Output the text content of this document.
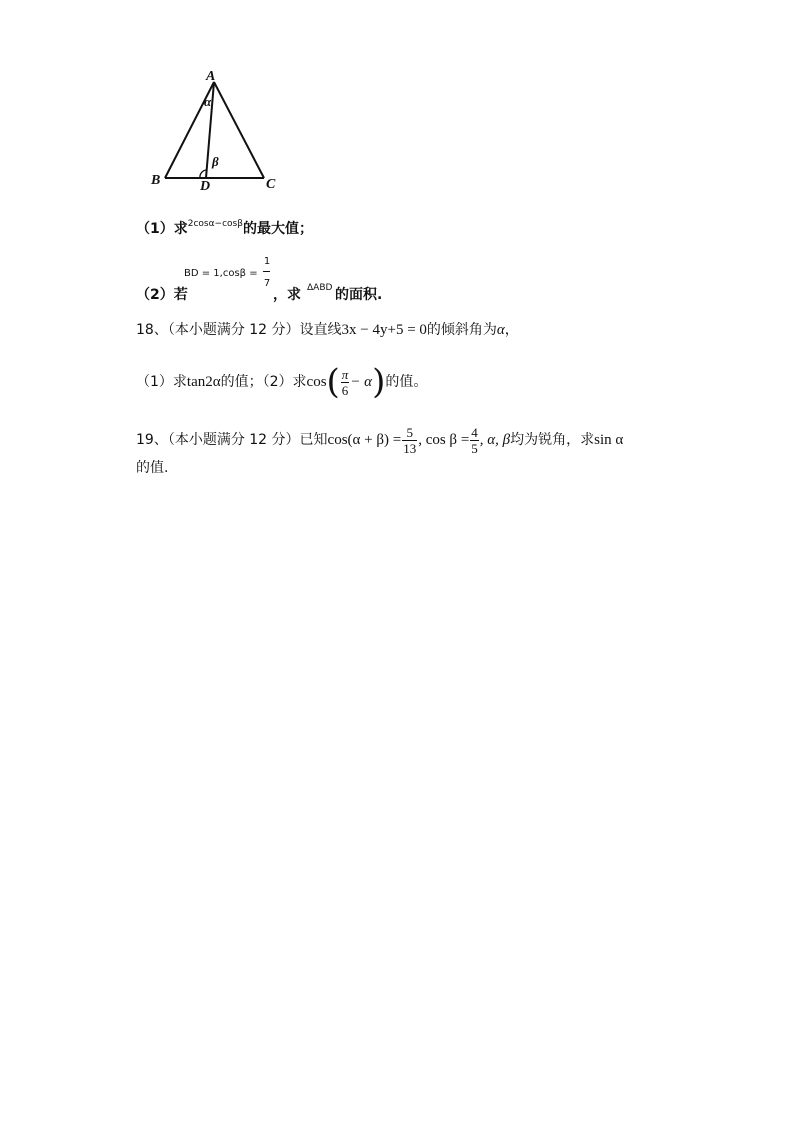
A
B	C
D
α
β
（1）求$^{2cos\alpha-cos\beta}$的最大值；
（2）若
BD = 1,cosβ =
1
7
，求 ΔABD 的面积.
18、（本小题满分 12 分）设直线3x − 4y+5 = 0的倾斜角为α，
（1）求tan2α的值；（2）求$\cos( \frac{\pi}{6} - \alpha)$的值。
19、（本小题满分 12 分）已知$\cos(\alpha + \beta) = \frac{5}{13}$ , $\cos \beta = \frac{4}{5}$ , α, β均为锐角，求sin α
的值.
